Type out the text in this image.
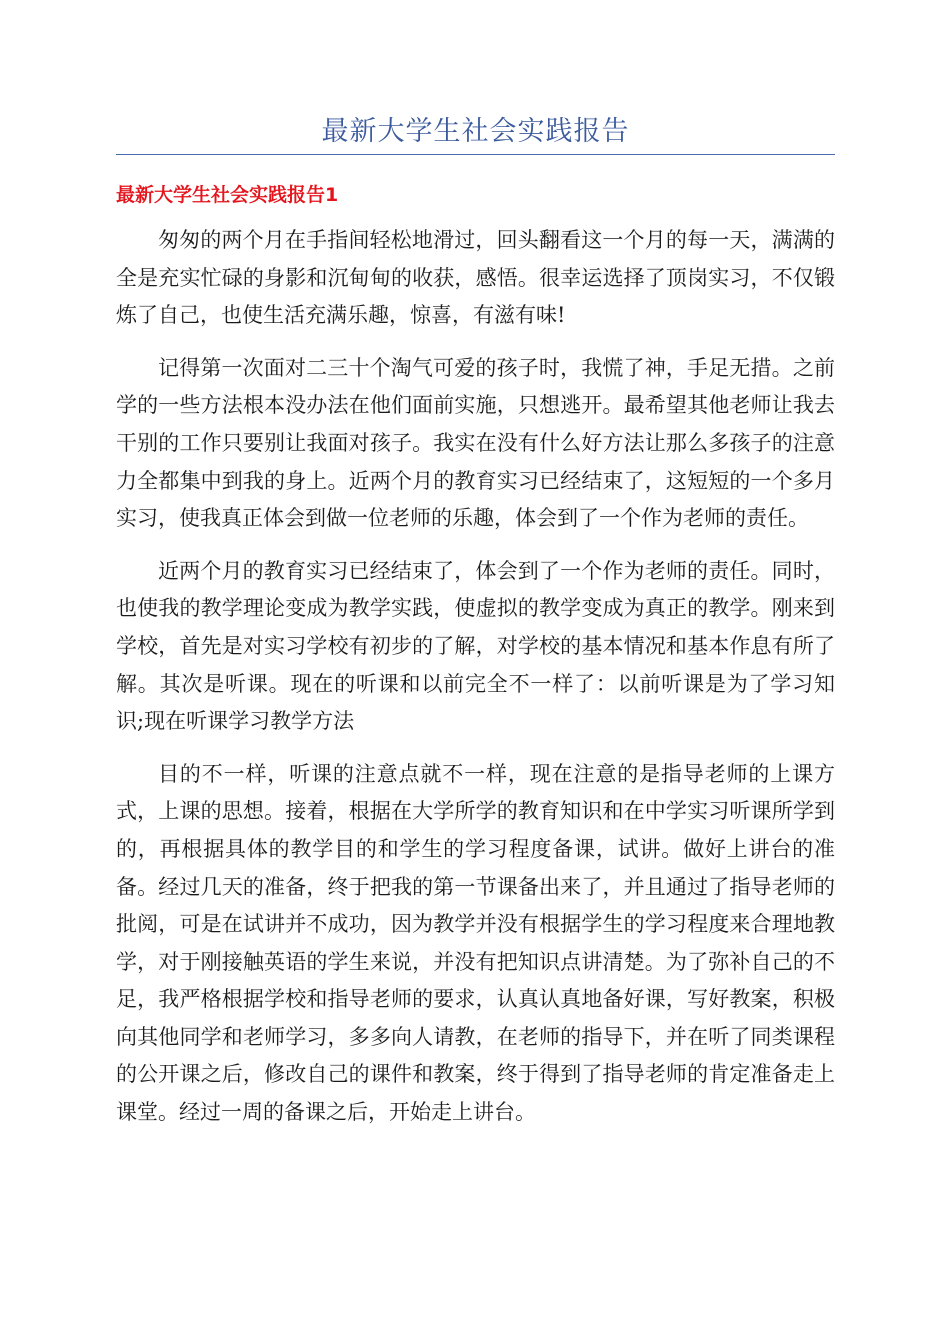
最新大学生社会实践报告
最新大学生社会实践报告1

匆匆的两个月在手指间轻松地滑过，回头翻看这一个月的每一天，满满的全是充实忙碌的身影和沉甸甸的收获，感悟。很幸运选择了顶岗实习，不仅锻炼了自己，也使生活充满乐趣，惊喜，有滋有味!

记得第一次面对二三十个淘气可爱的孩子时，我慌了神，手足无措。之前学的一些方法根本没办法在他们面前实施，只想逃开。最希望其他老师让我去干别的工作只要别让我面对孩子。我实在没有什么好方法让那么多孩子的注意力全都集中到我的身上。近两个月的教育实习已经结束了，这短短的一个多月实习，使我真正体会到做一位老师的乐趣，体会到了一个作为老师的责任。

近两个月的教育实习已经结束了，体会到了一个作为老师的责任。同时，也使我的教学理论变成为教学实践，使虚拟的教学变成为真正的教学。刚来到学校，首先是对实习学校有初步的了解，对学校的基本情况和基本作息有所了解。其次是听课。现在的听课和以前完全不一样了：以前听课是为了学习知识;现在听课学习教学方法

目的不一样，听课的注意点就不一样，现在注意的是指导老师的上课方式，上课的思想。接着，根据在大学所学的教育知识和在中学实习听课所学到的，再根据具体的教学目的和学生的学习程度备课，试讲。做好上讲台的准备。经过几天的准备，终于把我的第一节课备出来了，并且通过了指导老师的批阅，可是在试讲并不成功，因为教学并没有根据学生的学习程度来合理地教学，对于刚接触英语的学生来说，并没有把知识点讲清楚。为了弥补自己的不足，我严格根据学校和指导老师的要求，认真认真地备好课，写好教案，积极向其他同学和老师学习，多多向人请教，在老师的指导下，并在听了同类课程的公开课之后，修改自己的课件和教案，终于得到了指导老师的肯定准备走上课堂。经过一周的备课之后，开始走上讲台。
